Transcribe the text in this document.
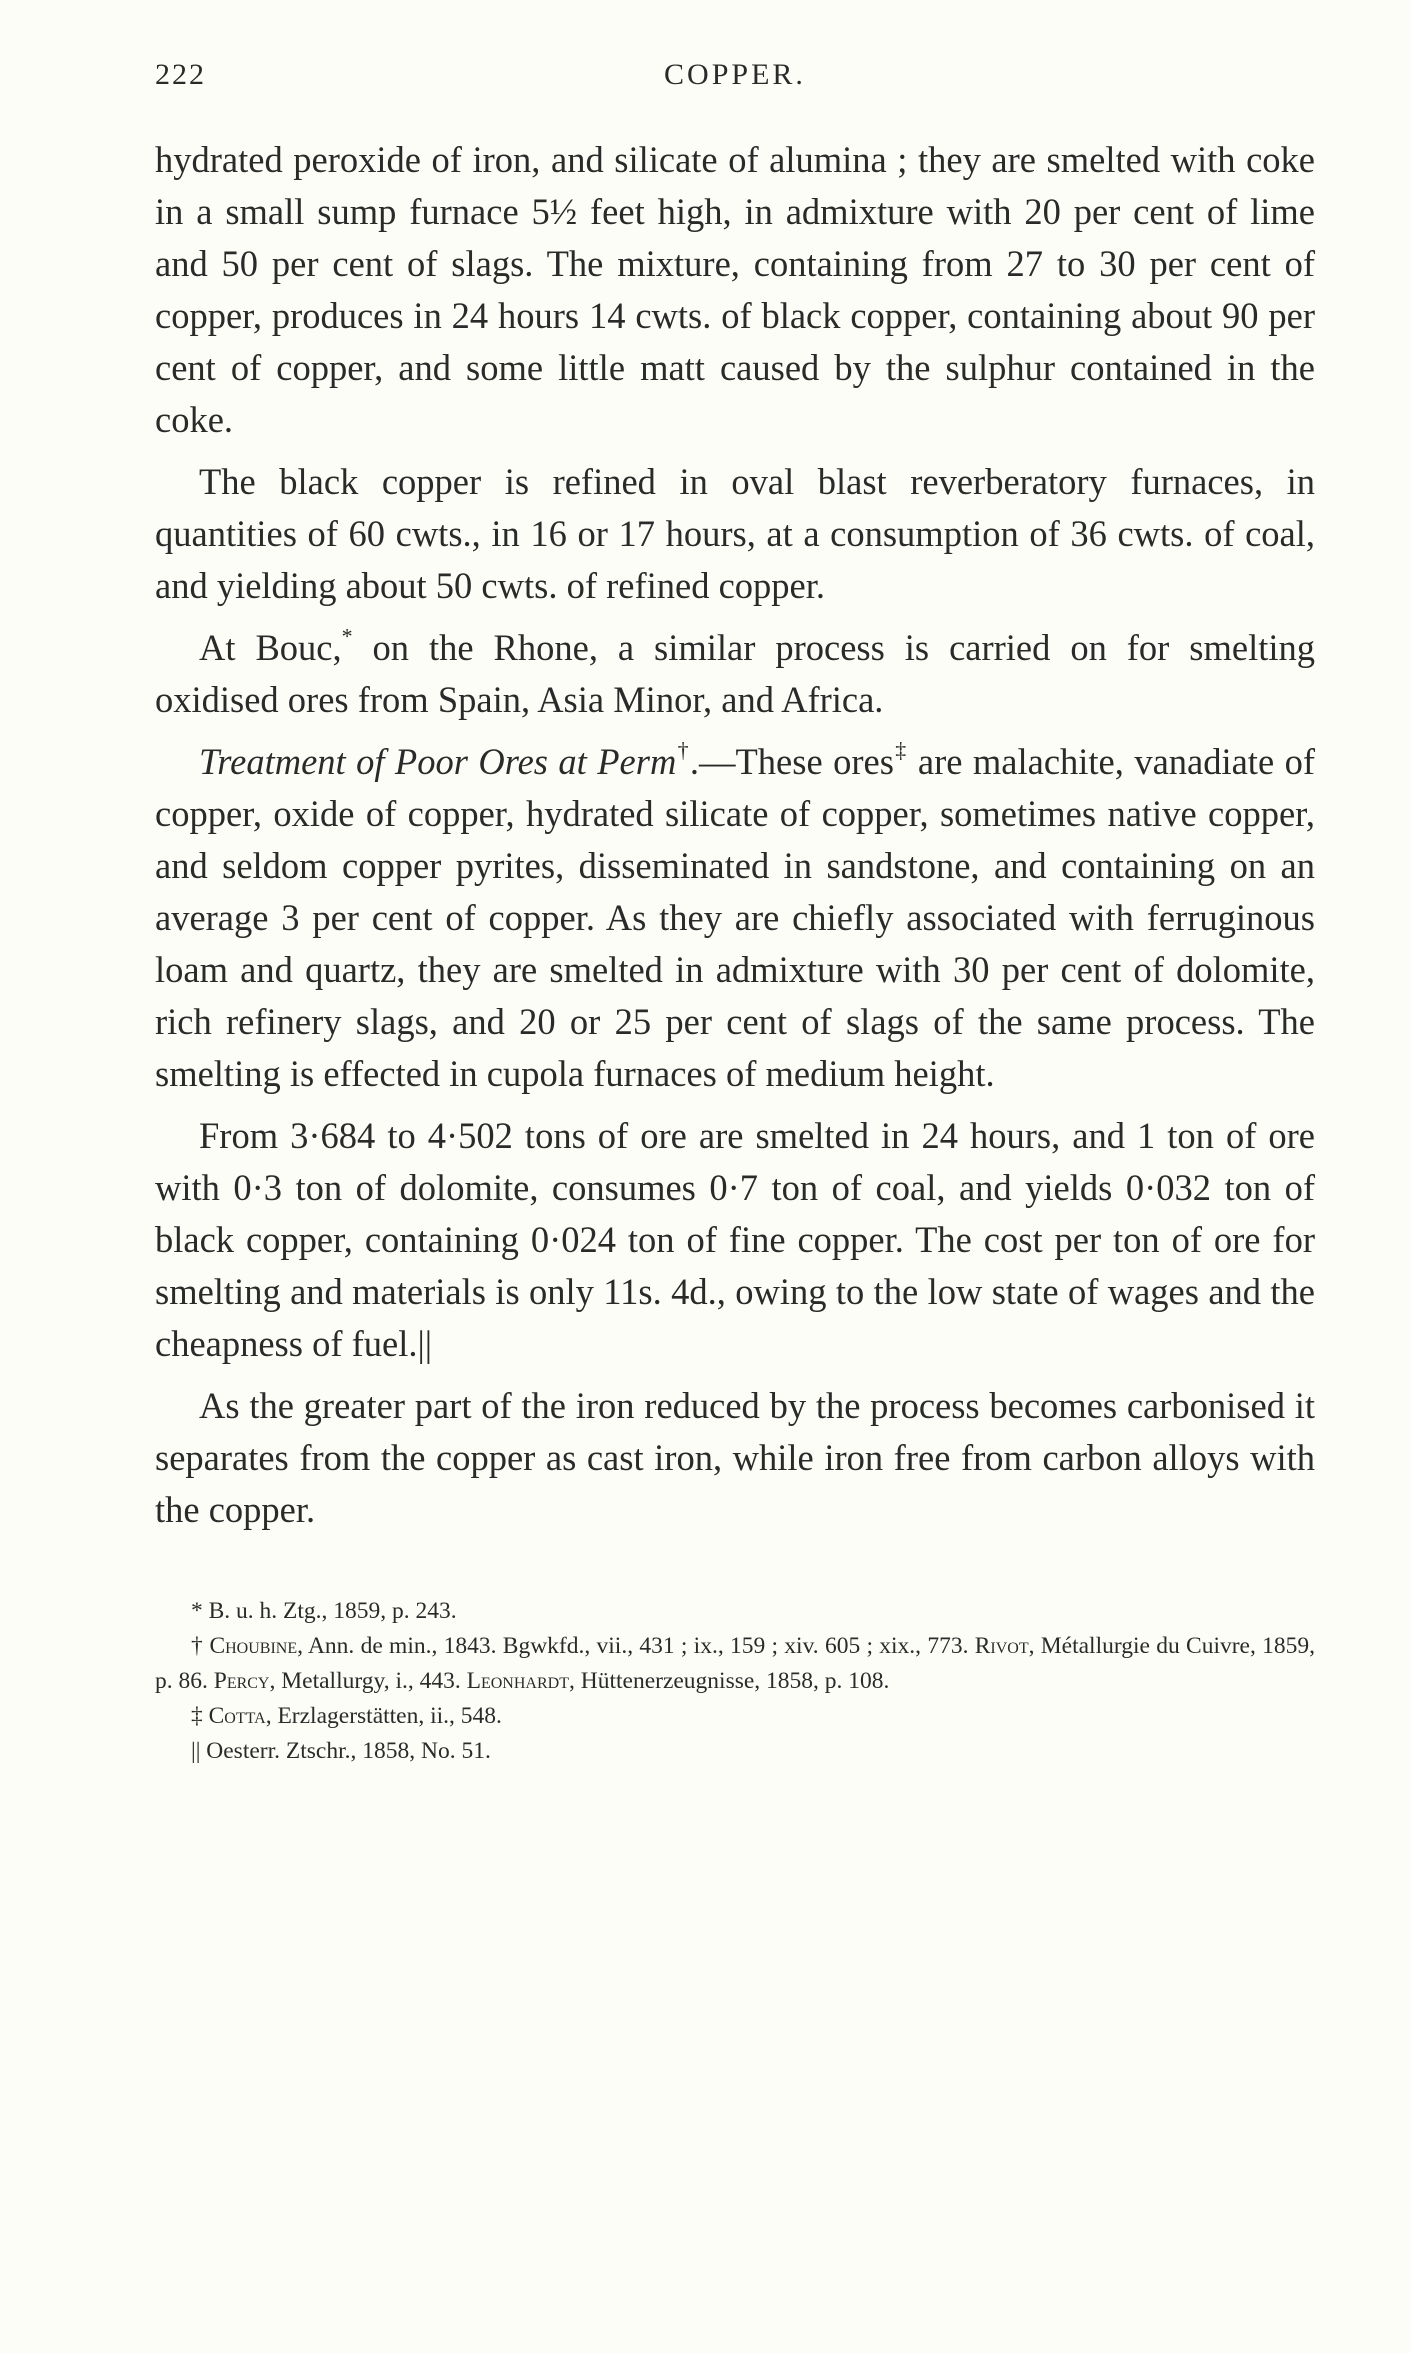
222	COPPER.

hydrated peroxide of iron, and silicate of alumina ; they are smelted with coke in a small sump furnace 5½ feet high, in admixture with 20 per cent of lime and 50 per cent of slags. The mixture, containing from 27 to 30 per cent of copper, produces in 24 hours 14 cwts. of black copper, containing about 90 per cent of copper, and some little matt caused by the sulphur contained in the coke.

The black copper is refined in oval blast reverberatory furnaces, in quantities of 60 cwts., in 16 or 17 hours, at a consumption of 36 cwts. of coal, and yielding about 50 cwts. of refined copper.

At Bouc,* on the Rhone, a similar process is carried on for smelting oxidised ores from Spain, Asia Minor, and Africa.

Treatment of Poor Ores at Perm†.—These ores‡ are malachite, vanadiate of copper, oxide of copper, hydrated silicate of copper, sometimes native copper, and seldom copper pyrites, disseminated in sandstone, and containing on an average 3 per cent of copper. As they are chiefly associated with ferruginous loam and quartz, they are smelted in admixture with 30 per cent of dolomite, rich refinery slags, and 20 or 25 per cent of slags of the same process. The smelting is effected in cupola furnaces of medium height.

From 3·684 to 4·502 tons of ore are smelted in 24 hours, and 1 ton of ore with 0·3 ton of dolomite, consumes 0·7 ton of coal, and yields 0·032 ton of black copper, containing 0·024 ton of fine copper. The cost per ton of ore for smelting and materials is only 11s. 4d., owing to the low state of wages and the cheapness of fuel.||

As the greater part of the iron reduced by the process becomes carbonised it separates from the copper as cast iron, while iron free from carbon alloys with the copper.

* B. u. h. Ztg., 1859, p. 243.

† Choubine, Ann. de min., 1843. Bgwkfd., vii., 431 ; ix., 159 ; xiv. 605 ; xix., 773. Rivot, Métallurgie du Cuivre, 1859, p. 86. Percy, Metallurgy, i., 443. Leonhardt, Hüttenerzeugnisse, 1858, p. 108.

‡ Cotta, Erzlagerstätten, ii., 548.

|| Oesterr. Ztschr., 1858, No. 51.
